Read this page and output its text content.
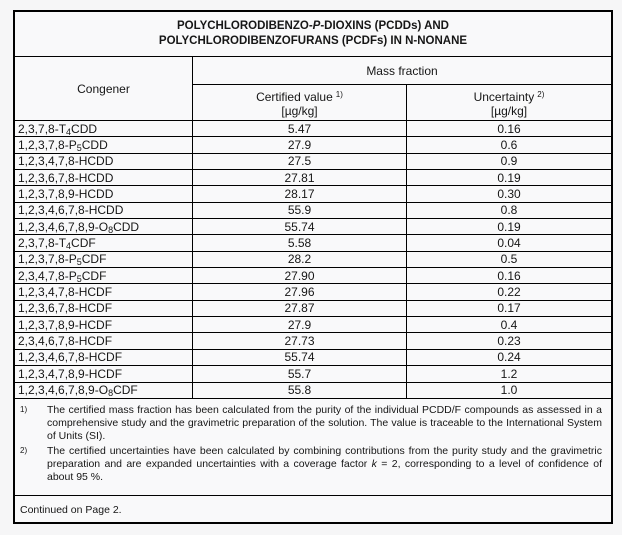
POLYCHLORODIBENZO-P-DIOXINS (PCDDs) AND
POLYCHLORODIBENZOFURANS (PCDFs) IN N-NONANE
Congener
Mass fraction
Certified value $^{1)}$
[µg/kg]
Uncertainty $^{2)}$
[µg/kg]
2,3,7,8-T 4 CDD	5.47	0.16
1,2,3,7,8-P 5 CDD	27.9	0.6
1,2,3,4,7,8-HCDD	27.5	0.9
1,2,3,6,7,8-HCDD	27.81	0.19
1,2,3,7,8,9-HCDD	28.17	0.30
1,2,3,4,6,7,8-HCDD	55.9	0.8
1,2,3,4,6,7,8,9-O 8 CDD	55.74	0.19
2,3,7,8-T 4 CDF	5.58	0.04
1,2,3,7,8-P 5 CDF	28.2	0.5
2,3,4,7,8-P 5 CDF	27.90	0.16
1,2,3,4,7,8-HCDF	27.96	0.22
1,2,3,6,7,8-HCDF	27.87	0.17
1,2,3,7,8,9-HCDF	27.9	0.4
2,3,4,6,7,8-HCDF	27.73	0.23
1,2,3,4,6,7,8-HCDF	55.74	0.24
1,2,3,4,7,8,9-HCDF	55.7	1.2
1,2,3,4,6,7,8,9-O 8 CDF	55.8	1.0
1)	The certified mass fraction has been calculated from the purity of the individual PCDD/F compounds as assessed in a comprehensive study and the gravimetric preparation of the solution. The value is traceable to the International System of Units (SI).
2)	The certified uncertainties have been calculated by combining contributions from the purity study and the gravimetric preparation and are expanded uncertainties with a coverage factor k = 2, corresponding to a level of confidence of about 95 %.
Continued on Page 2.
